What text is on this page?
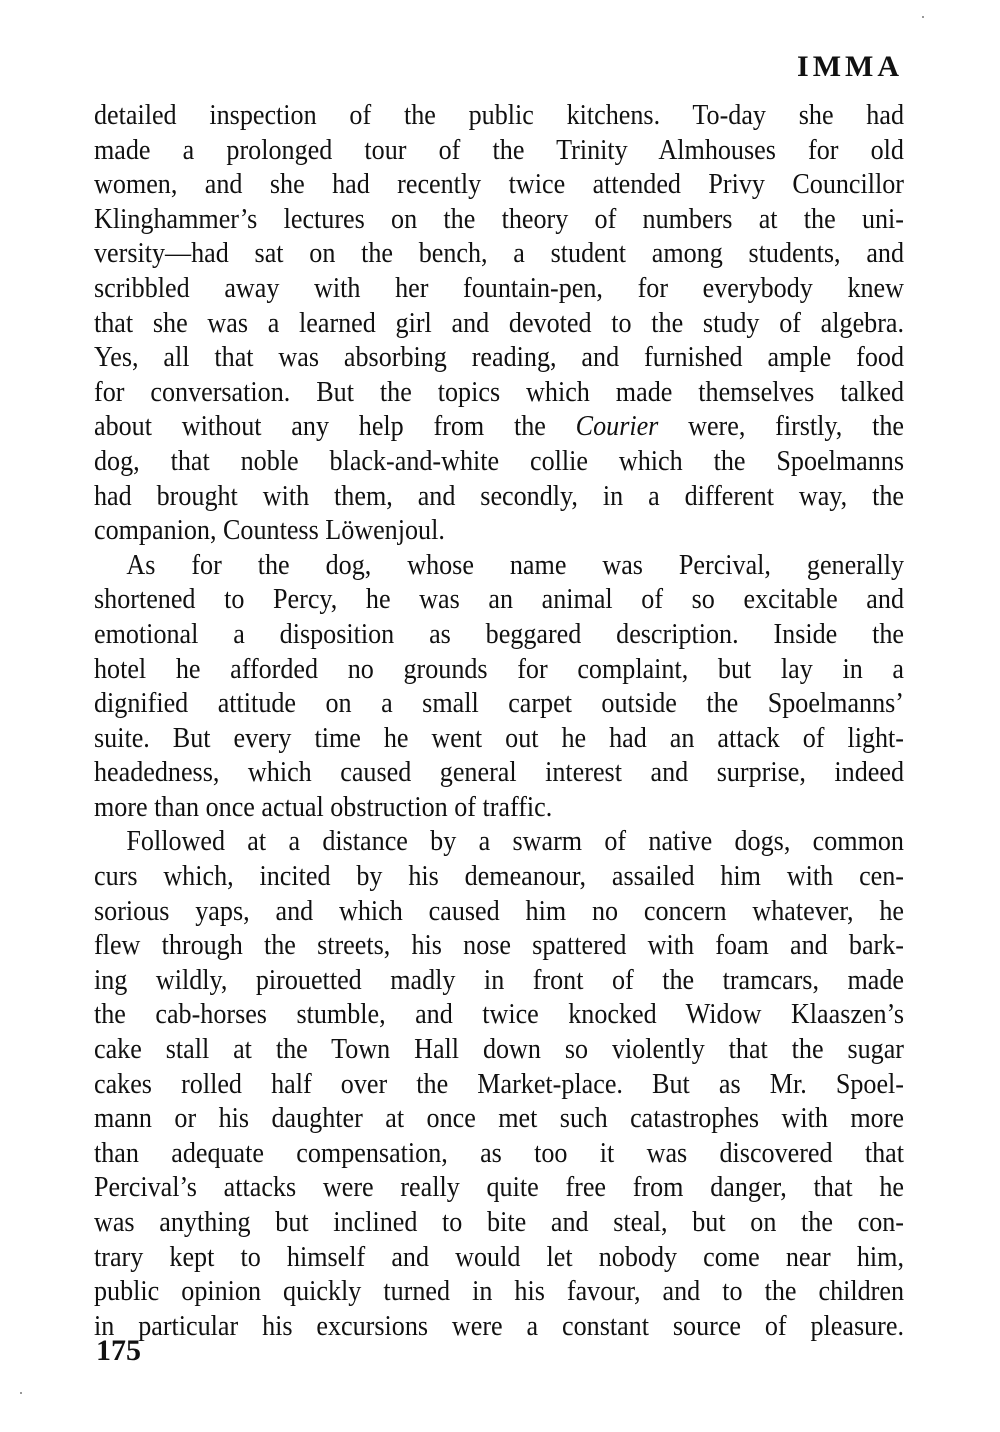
IMMA
detailed inspection of the public kitchens. To-day she had
made a prolonged tour of the Trinity Almhouses for old
women, and she had recently twice attended Privy Councillor
Klinghammer’s lectures on the theory of numbers at the uni-
versity—had sat on the bench, a student among students, and
scribbled away with her fountain-pen, for everybody knew
that she was a learned girl and devoted to the study of algebra.
Yes, all that was absorbing reading, and furnished ample food
for conversation. But the topics which made themselves talked
about without any help from the Courier were, firstly, the
dog, that noble black-and-white collie which the Spoelmanns
had brought with them, and secondly, in a different way, the
companion, Countess Löwenjoul.
As for the dog, whose name was Percival, generally
shortened to Percy, he was an animal of so excitable and
emotional a disposition as beggared description. Inside the
hotel he afforded no grounds for complaint, but lay in a
dignified attitude on a small carpet outside the Spoelmanns’
suite. But every time he went out he had an attack of light-
headedness, which caused general interest and surprise, indeed
more than once actual obstruction of traffic.
Followed at a distance by a swarm of native dogs, common
curs which, incited by his demeanour, assailed him with cen-
sorious yaps, and which caused him no concern whatever, he
flew through the streets, his nose spattered with foam and bark-
ing wildly, pirouetted madly in front of the tramcars, made
the cab-horses stumble, and twice knocked Widow Klaaszen’s
cake stall at the Town Hall down so violently that the sugar
cakes rolled half over the Market-place. But as Mr. Spoel-
mann or his daughter at once met such catastrophes with more
than adequate compensation, as too it was discovered that
Percival’s attacks were really quite free from danger, that he
was anything but inclined to bite and steal, but on the con-
trary kept to himself and would let nobody come near him,
public opinion quickly turned in his favour, and to the children
in particular his excursions were a constant source of pleasure.
175
